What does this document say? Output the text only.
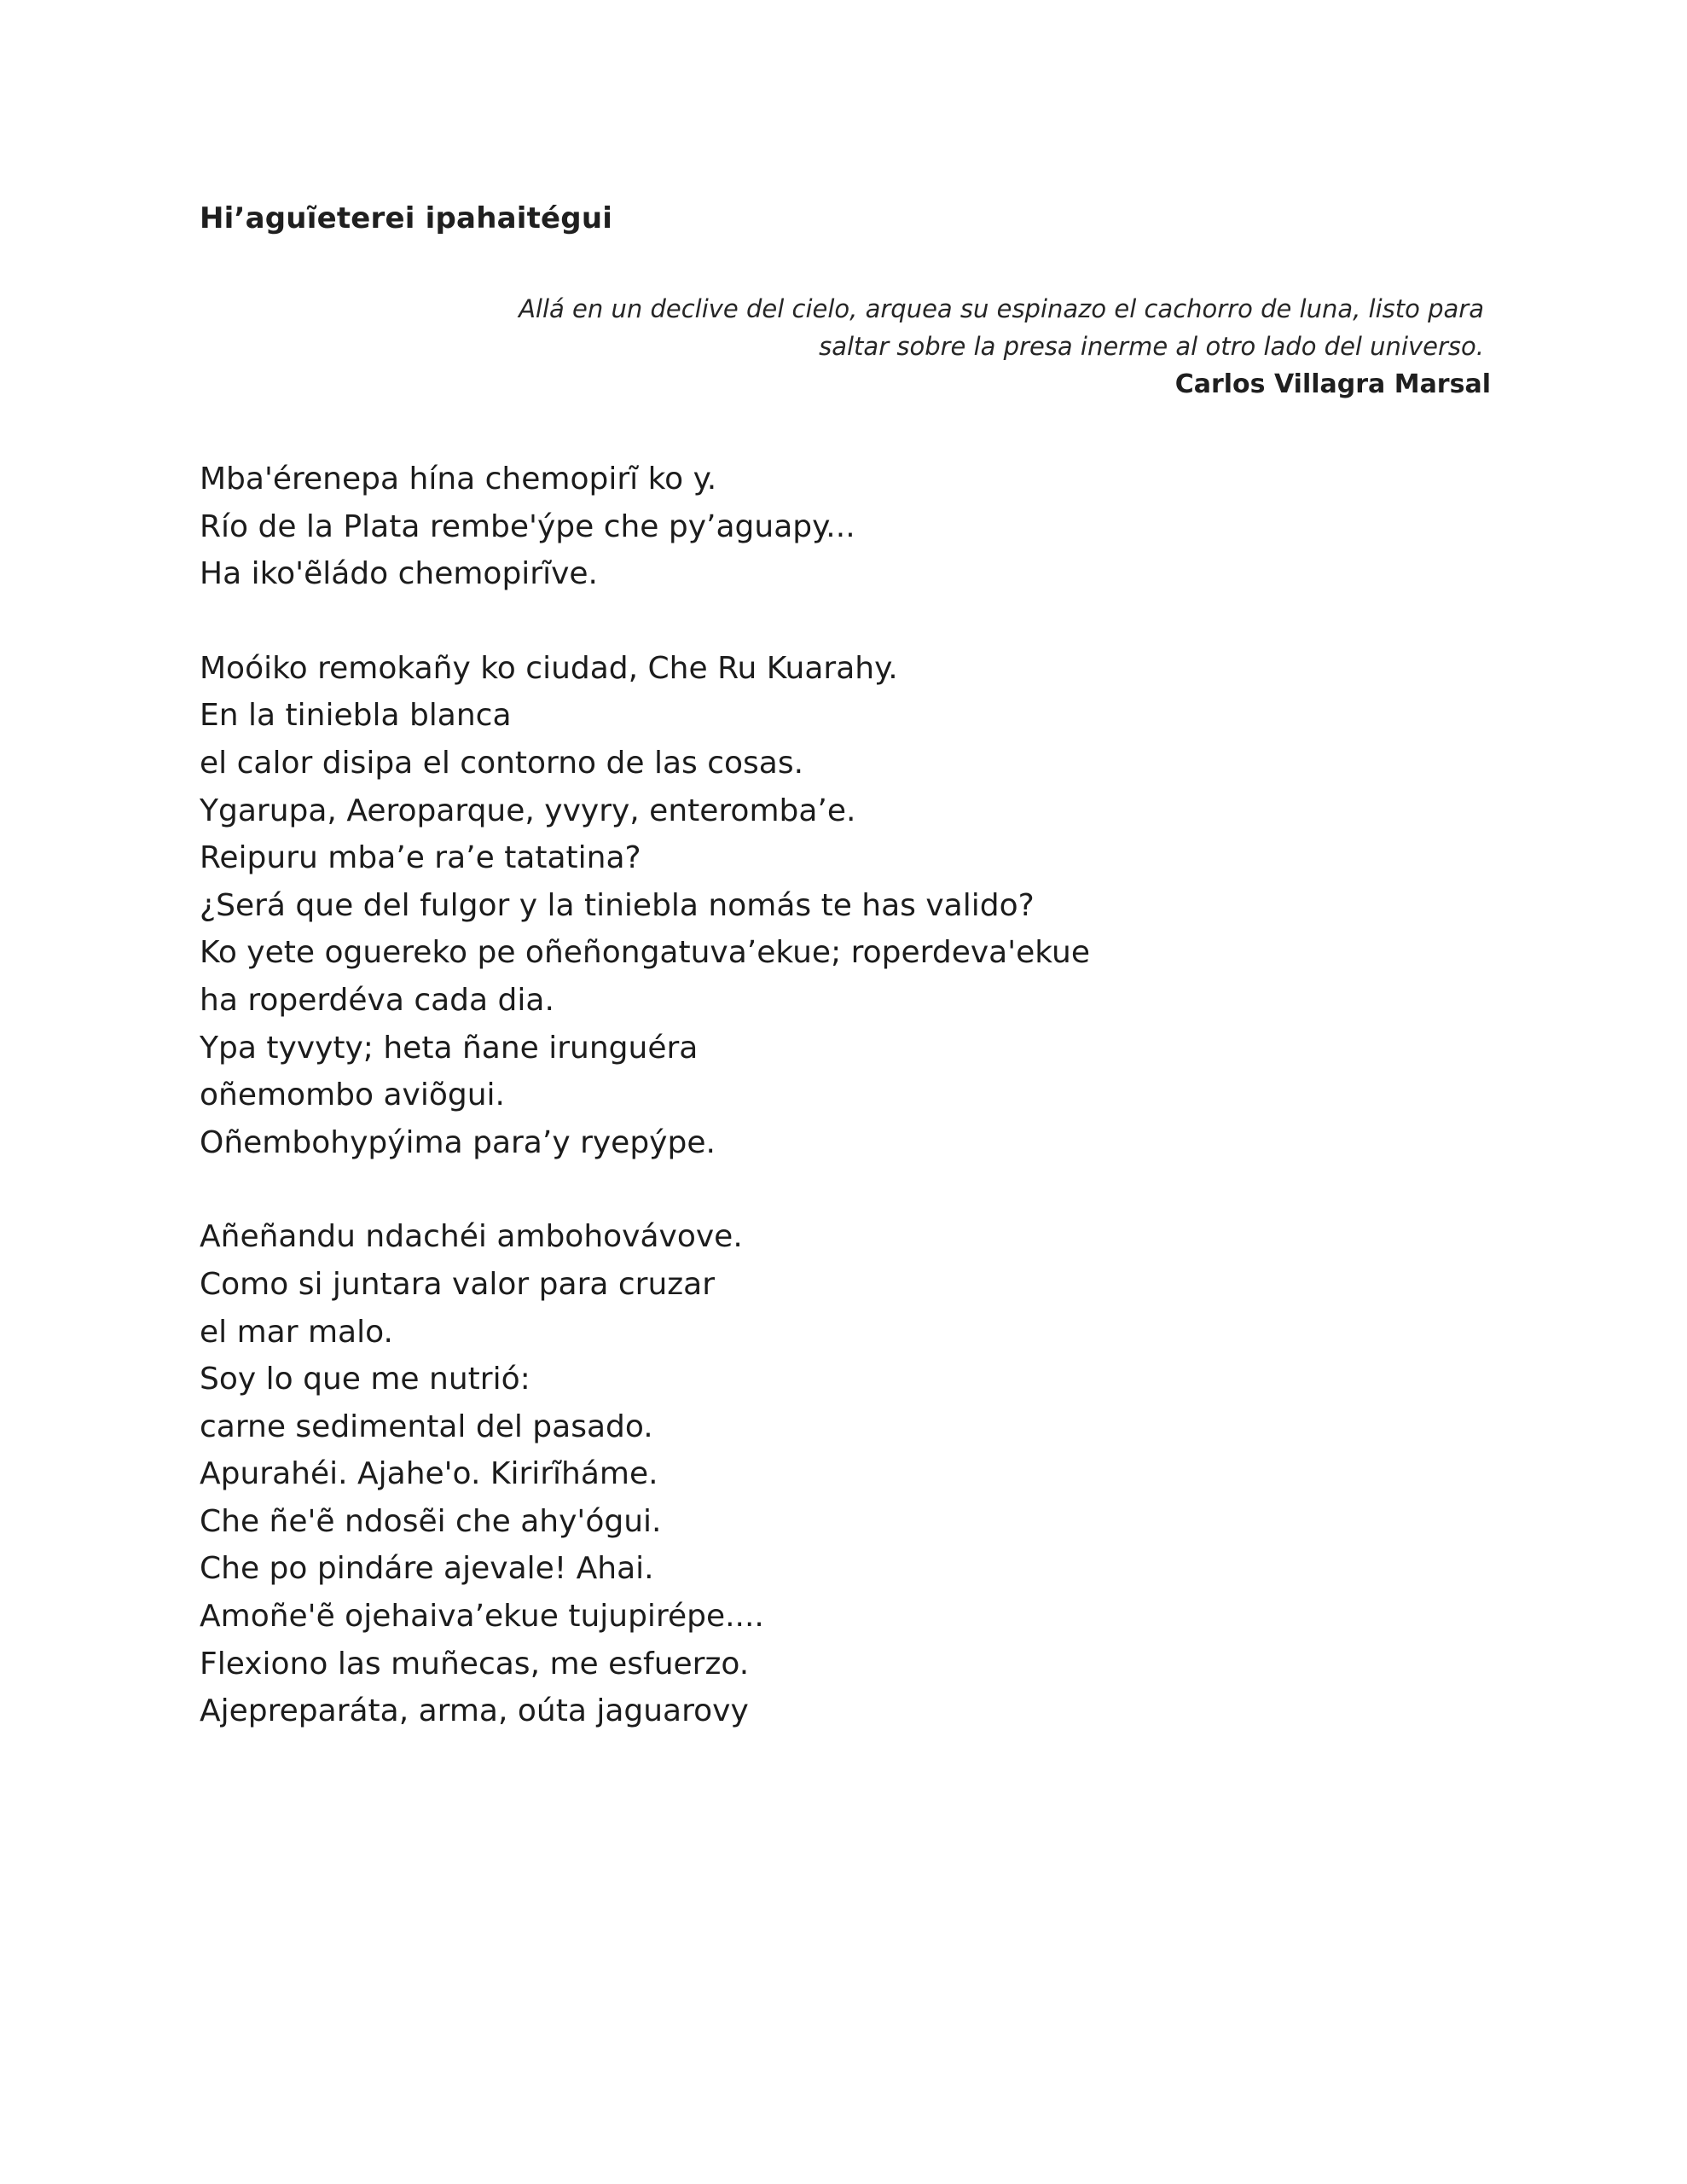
Hi’aguĩeterei ipahaitégui
Allá en un declive del cielo, arquea su espinazo el cachorro de luna, listo para
saltar sobre la presa inerme al otro lado del universo.
Carlos Villagra Marsal
Mba'érenepa hína chemopirĩ ko y.
Río de la Plata rembe'ýpe che py’aguapy...
Ha iko'ẽládo chemopirĩve.
Moóiko remokañy ko ciudad, Che Ru Kuarahy.
En la tiniebla blanca
el calor disipa el contorno de las cosas.
Ygarupa, Aeroparque, yvyry, enteromba’e.
Reipuru mba’e ra’e tatatina?
¿Será que del fulgor y la tiniebla nomás te has valido?
Ko yete oguereko pe oñeñongatuva’ekue; roperdeva'ekue
ha roperdéva cada dia.
Ypa tyvyty; heta ñane irunguéra
oñemombo aviõgui.
Oñembohypýima para’y ryepýpe.
Añeñandu ndachéi ambohovávove.
Como si juntara valor para cruzar
el mar malo.
Soy lo que me nutrió:
carne sedimental del pasado.
Apurahéi. Ajahe'o. Kirirĩháme.
Che ñe'ẽ ndosẽi che ahy'ógui.
Che po pindáre ajevale! Ahai.
Amoñe'ẽ ojehaiva’ekue tujupirépe....
Flexiono las muñecas, me esfuerzo.
Ajepreparáta, arma, oúta jaguarovy
